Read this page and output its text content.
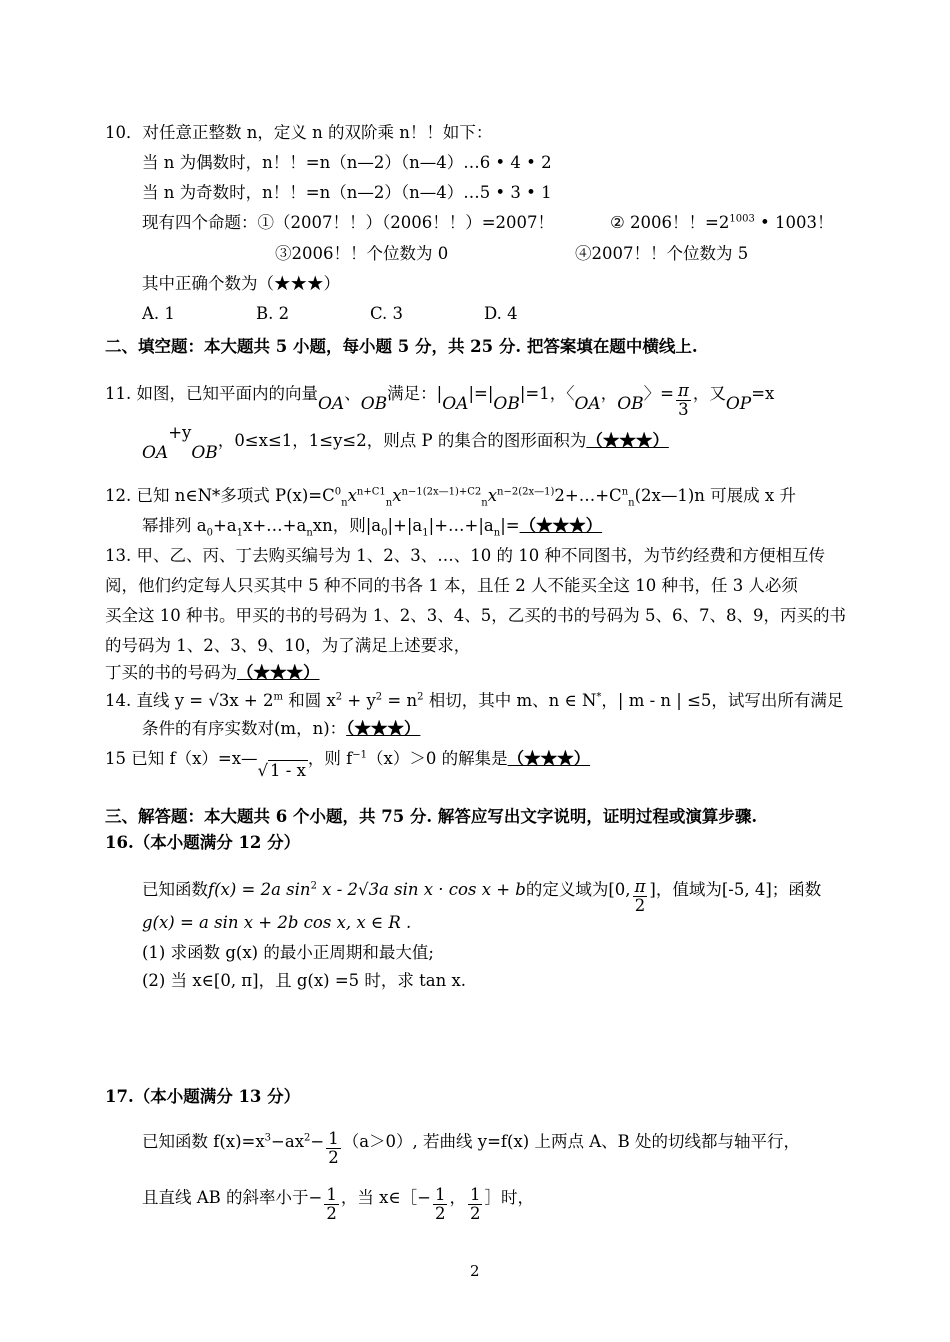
10．对任意正整数 n，定义 n 的双阶乘 n！！如下：
当 n 为偶数时，n！！=n（n—2）（n—4）…6 • 4 • 2
当 n 为奇数时，n！！=n（n—2）（n—4）…5 • 3 • 1
现有四个命题：①（2007！！）（2006！！）=2007！	② 2006！！$=2^{1003}$ • 1003！
③2006！！个位数为 0	④2007！！个位数为 5
其中正确个数为（★★★）
A. 1	B. 2	C. 3	D. 4
二、填空题：本大题共 5 小题，每小题 5 分，共 25 分. 把答案填在题中横线上.
11. 如图，已知平面内的向量OA、OB满足：|OA|=|OB|=1，〈OA，OB〉= $\frac{\pi}{3}$ ，又OP=x
OA+yOB，0≤x≤1，1≤y≤2，则点 P 的集合的图形面积为（★★★）
12. 已知 n∈N*多项式 $P(x)=C^0_nx^{n+C1}_nx^{n-1(2x—1)+C2}_nx^{n-2(2x—1)}2+\dots+C^n_n(2x—1)n$ 可展成 x 升
幂排列 $a_0+a_1x+\dots+a_nxn$，则$|a_0|+|a_1|+\dots+|a_n|=(★★★)$
13. 甲、乙、丙、丁去购买编号为 1、2、3、…、10 的 10 种不同图书，为节约经费和方便相互传
阅，他们约定每人只买其中 5 种不同的书各 1 本，且任 2 人不能买全这 10 种书，任 3 人必须
买全这 10 种书。甲买的书的号码为 1、2、3、4、5，乙买的书的号码为 5、6、7、8、9，丙买的书
的号码为 1、2、3、9、10，为了满足上述要求，
丁买的书的号码为（★★★）
14. 直线 $y = √3x + 2^m$ 和圆 $x^2 + y^2 = n^2$ 相切，其中 m、n ∈ N*，| m - n | ≤5，试写出所有满足
条件的有序实数对(m，n)：（★★★）
15 已知 f（x）=x—√ 1 - x，则 $f^{-1}(x)>0$ 的解集是（★★★）
三、解答题：本大题共 6 个小题，共 75 分. 解答应写出文字说明，证明过程或演算步骤.
16.（本小题满分 12 分）
已知函数f(x) = 2a $\sin^2 x - 2√3a$ sin x · cos x + b的定义域为[0, $\frac{\pi}{2}$ ]，值域为[-5, 4]；函数
g(x) = a sin x + 2b cos x, x ∈ R .
(1) 求函数 g(x) 的最小正周期和最大值;
(2) 当 x∈[0, π]，且 g(x) =5 时，求 tan x.
17.（本小题满分 13 分）
已知函数 $f(x)=x^3-ax^2- \frac{1}{2} (a>0)$, 若曲线 y=f(x) 上两点 A、B 处的切线都与轴平行，
且直线 AB 的斜率小于− $\frac{1}{2}$ ，当 x∈［− $\frac{1}{2}$ ， $\frac{1}{2}$ ］时，
2
